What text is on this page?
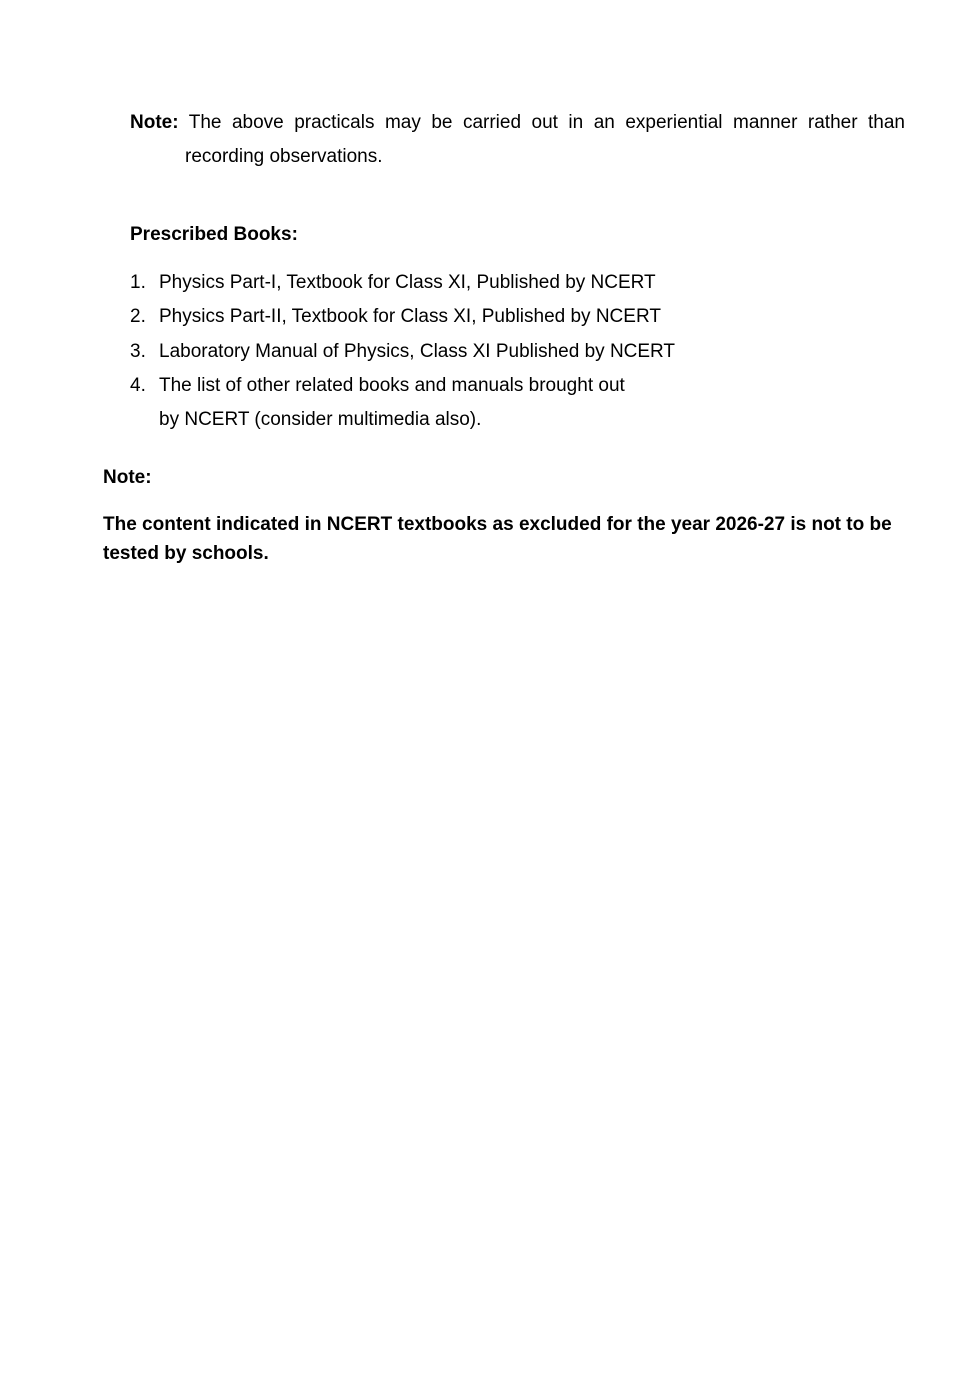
Note: The above practicals may be carried out in an experiential manner rather than
recording observations.
Prescribed Books:
1. Physics Part-I, Textbook for Class XI, Published by NCERT
2. Physics Part-II, Textbook for Class XI, Published by NCERT
3. Laboratory Manual of Physics, Class XI Published by NCERT
4. The list of other related books and manuals brought out
by NCERT (consider multimedia also).
Note:
The content indicated in NCERT textbooks as excluded for the year 2026-27 is not to be tested by schools.
